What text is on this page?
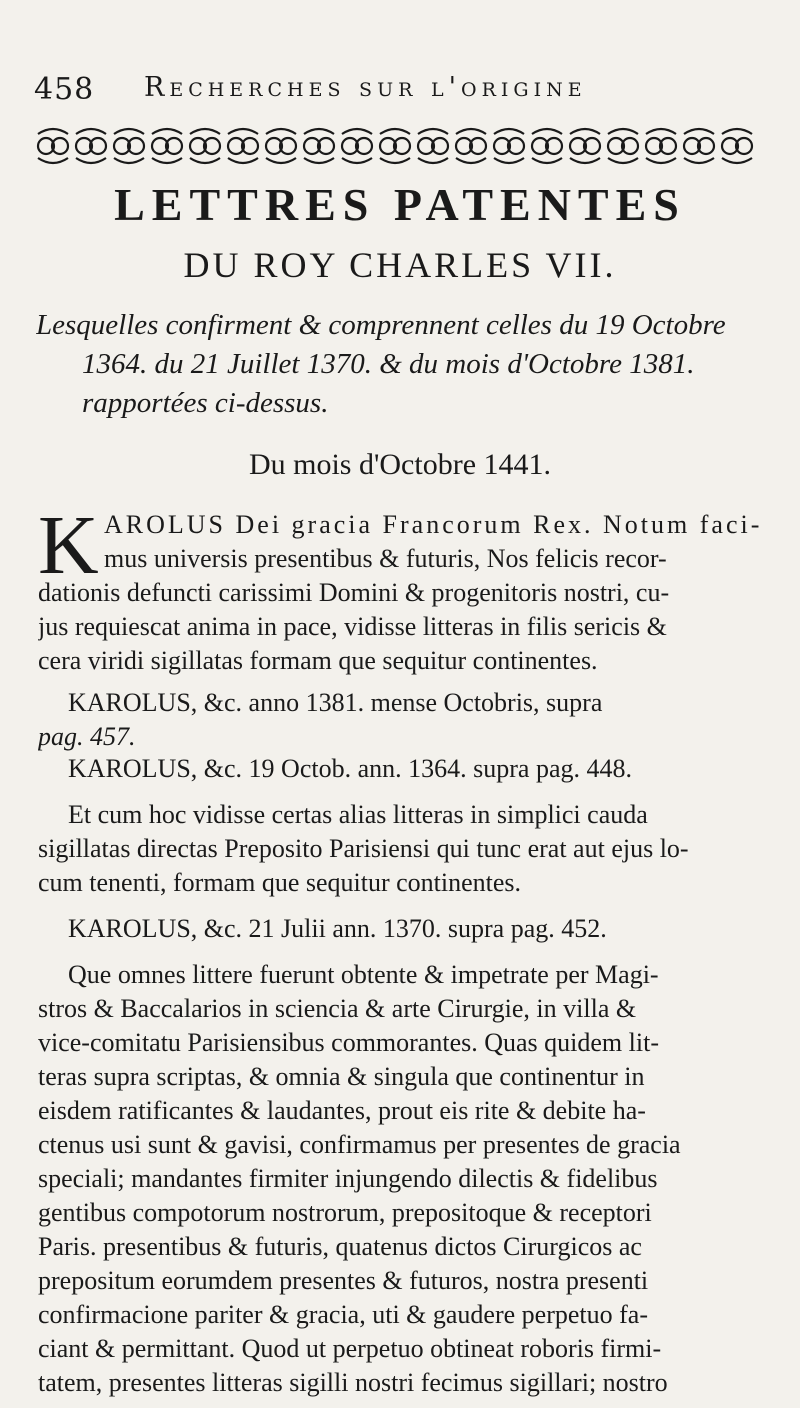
458 Recherches sur l'origine
LETTRES PATENTES
DU ROY CHARLES VII.
Lesquelles confirment & comprennent celles du 19 Octobre
1364. du 21 Juillet 1370. & du mois d'Octobre 1381.
rapportées ci-dessus.
Du mois d'Octobre 1441.
K AROLUS Dei gracia Francorum Rex. Notum faci-
mus universis presentibus & futuris, Nos felicis recor-
dationis defuncti carissimi Domini & progenitoris nostri, cu-
jus requiescat anima in pace, vidisse litteras in filis sericis &
cera viridi sigillatas formam que sequitur continentes.
KAROLUS, &c. anno 1381. mense Octobris, supra
pag. 457.
KAROLUS, &c. 19 Octob. ann. 1364. supra pag. 448.
Et cum hoc vidisse certas alias litteras in simplici cauda
sigillatas directas Preposito Parisiensi qui tunc erat aut ejus lo-
cum tenenti, formam que sequitur continentes.
KAROLUS, &c. 21 Julii ann. 1370. supra pag. 452.
Que omnes littere fuerunt obtente & impetrate per Magi-
stros & Baccalarios in sciencia & arte Cirurgie, in villa &
vice-comitatu Parisiensibus commorantes. Quas quidem lit-
teras supra scriptas, & omnia & singula que continentur in
eisdem ratificantes & laudantes, prout eis rite & debite ha-
ctenus usi sunt & gavisi, confirmamus per presentes de gracia
speciali; mandantes firmiter injungendo dilectis & fidelibus
gentibus compotorum nostrorum, prepositoque & receptori
Paris. presentibus & futuris, quatenus dictos Cirurgicos ac
prepositum eorumdem presentes & futuros, nostra presenti
confirmacione pariter & gracia, uti & gaudere perpetuo fa-
ciant & permittant. Quod ut perpetuo obtineat roboris firmi-
tatem, presentes litteras sigilli nostri fecimus sigillari; nostro
